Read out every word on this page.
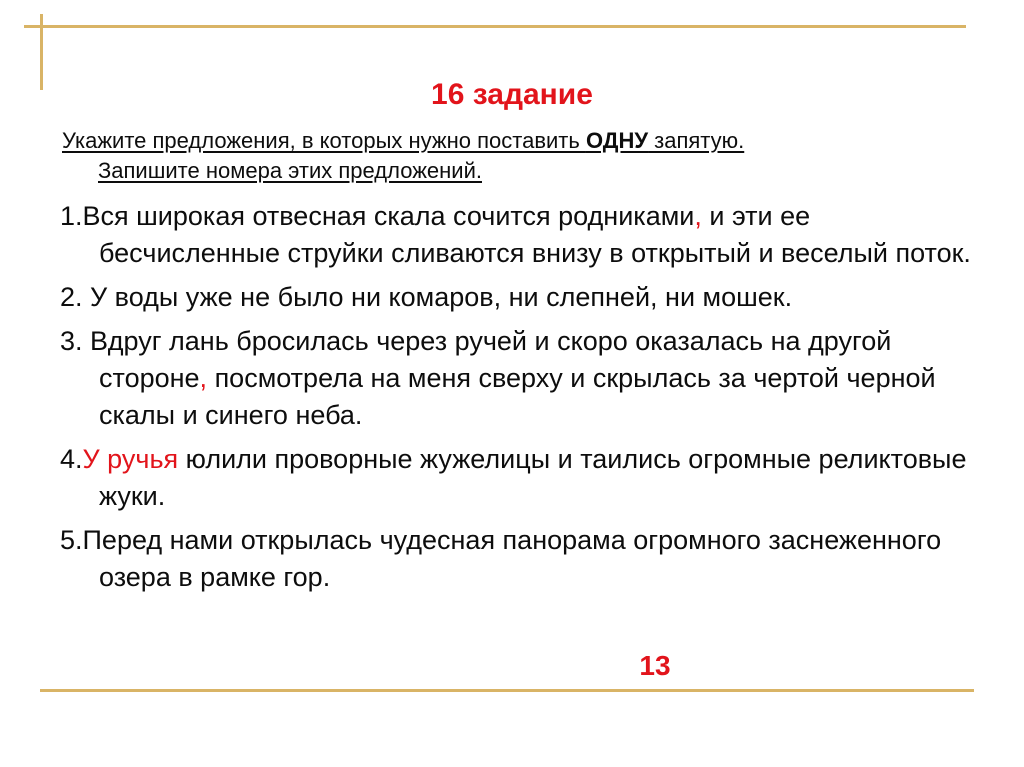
16 задание
Укажите предложения, в которых нужно поставить ОДНУ запятую.
Запишите номера этих предложений.
1.Вся широкая отвесная скала сочится родниками, и эти ее бесчисленные струйки сливаются внизу в открытый и веселый поток.
2. У воды уже не было ни комаров, ни слепней, ни мошек.
3. Вдруг лань бросилась через ручей и скоро оказалась на другой стороне, посмотрела на меня сверху и скрылась за чертой черной скалы и синего неба.
4.У ручья юлили проворные жужелицы и таились огромные реликтовые жуки.
5.Перед нами открылась чудесная панорама огромного заснеженного озера в рамке гор.
13
